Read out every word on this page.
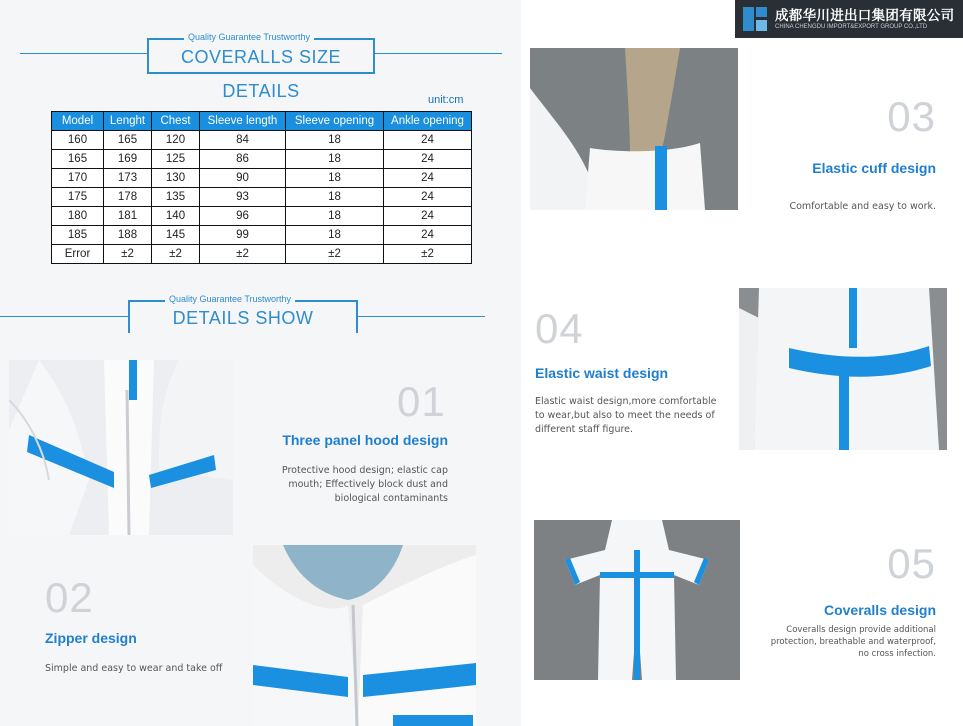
COVERALLS SIZE DETAILS
Quality Guarantee Trustworthy
unit:cm
Model	Lenght	Chest	Sleeve length	Sleeve opening	Ankle opening
160	165	120	84	18	24
165	169	125	86	18	24
170	173	130	90	18	24
175	178	135	93	18	24
180	181	140	96	18	24
185	188	145	99	18	24
Error	±2	±2	±2	±2	±2
DETAILS SHOW
Quality Guarantee Trustworthy
01
Three panel hood design
Protective hood design; elastic cap
mouth; Effectively block dust and
biological contaminants
02
Zipper design
Simple and easy to wear and take off
03
Elastic cuff design
Comfortable and easy to work.
04
Elastic waist design
Elastic waist design,more comfortable
to wear,but also to meet the needs of
different staff figure.
05
Coveralls design
Coveralls design provide additional
protection, breathable and waterproof,
no cross infection.
成都华川进出口集团有限公司
CHINA CHENGDU IMPORT&EXPORT GROUP CO.,LTD
